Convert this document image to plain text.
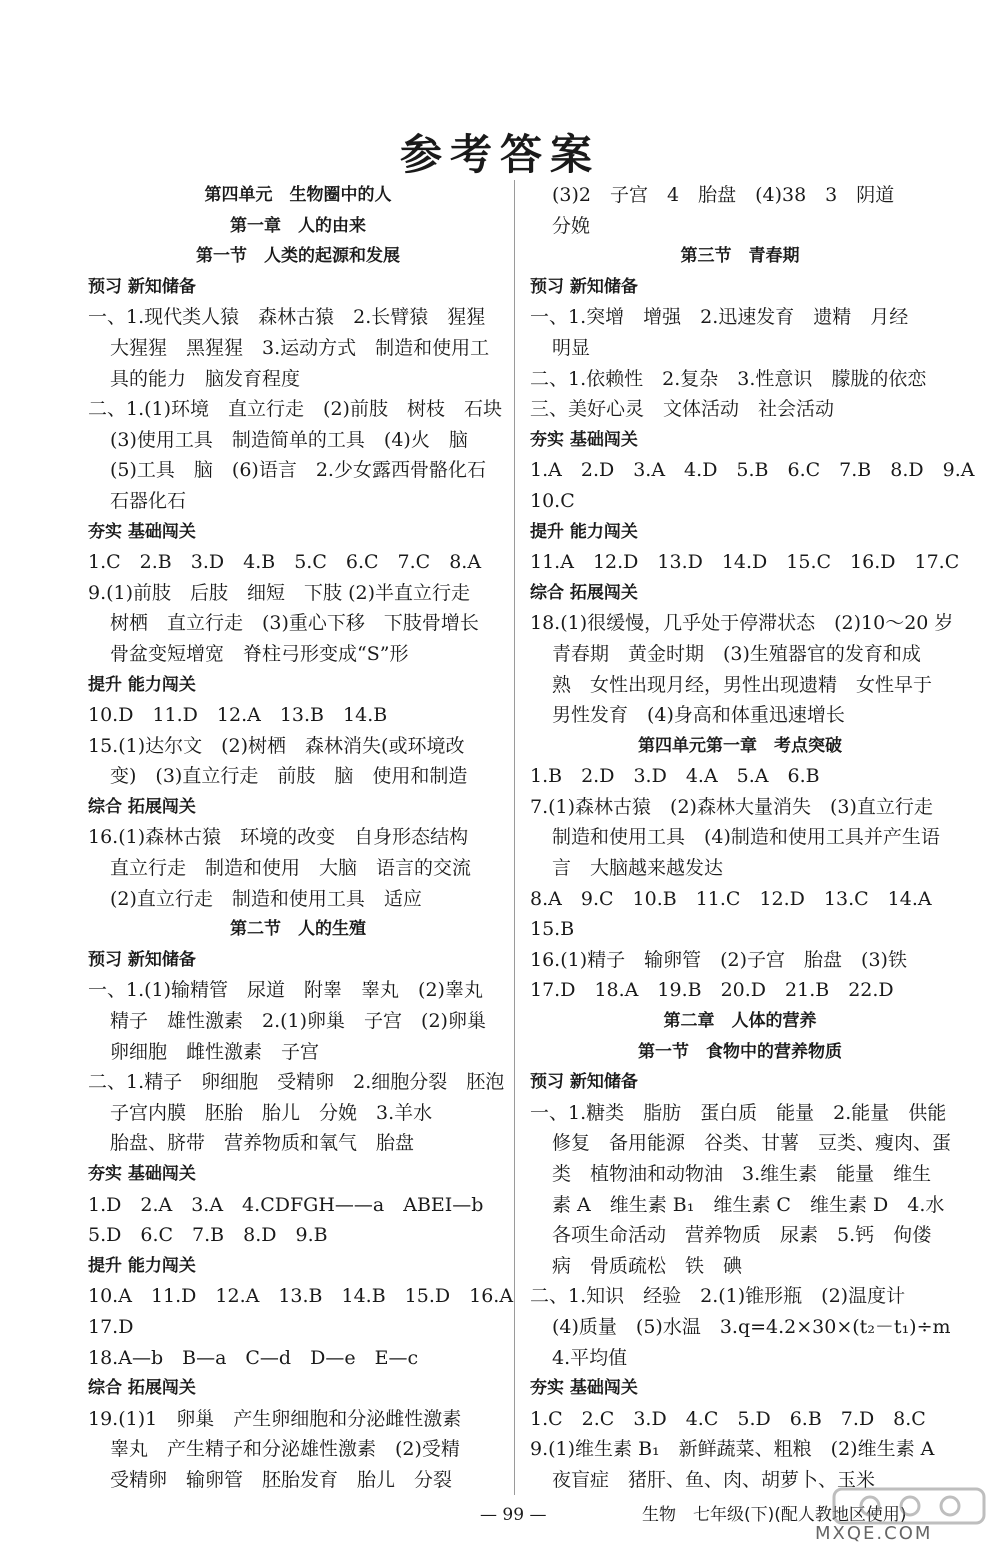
参考答案
第四单元　生物圈中的人
第一章　人的由来
第一节　人类的起源和发展
预习 新知储备
一、1.现代类人猿　森林古猿　2.长臂猿　猩猩
大猩猩　黑猩猩　3.运动方式　制造和使用工
具的能力　脑发育程度
二、1.(1)环境　直立行走　(2)前肢　树枝　石块
(3)使用工具　制造简单的工具　(4)火　脑
(5)工具　脑　(6)语言　2.少女露西骨骼化石
石器化石
夯实 基础闯关
1.C　2.B　3.D　4.B　5.C　6.C　7.C　8.A
9.(1)前肢　后肢　细短　下肢 (2)半直立行走
树栖　直立行走　(3)重心下移　下肢骨增长
骨盆变短增宽　脊柱弓形变成“S”形
提升 能力闯关
10.D　11.D　12.A　13.B　14.B
15.(1)达尔文　(2)树栖　森林消失(或环境改
变)　(3)直立行走　前肢　脑　使用和制造
综合 拓展闯关
16.(1)森林古猿　环境的改变　自身形态结构
直立行走　制造和使用　大脑　语言的交流
(2)直立行走　制造和使用工具　适应
第二节　人的生殖
预习 新知储备
一、1.(1)输精管　尿道　附睾　睾丸　(2)睾丸
精子　雄性激素　2.(1)卵巢　子宫　(2)卵巢
卵细胞　雌性激素　子宫
二、1.精子　卵细胞　受精卵　2.细胞分裂　胚泡
子宫内膜　胚胎　胎儿　分娩　3.羊水
胎盘、脐带　营养物质和氧气　胎盘
夯实 基础闯关
1.D　2.A　3.A　4.CDFGH——a　ABEI—b
5.D　6.C　7.B　8.D　9.B
提升 能力闯关
10.A　11.D　12.A　13.B　14.B　15.D　16.A
17.D
18.A—b　B—a　C—d　D—e　E—c
综合 拓展闯关
19.(1)1　卵巢　产生卵细胞和分泌雌性激素
睾丸　产生精子和分泌雄性激素　(2)受精
受精卵　输卵管　胚胎发育　胎儿　分裂
(3)2　子宫　4　胎盘　(4)38　3　阴道
分娩
第三节　青春期
预习 新知储备
一、1.突增　增强　2.迅速发育　遗精　月经
明显
二、1.依赖性　2.复杂　3.性意识　朦胧的依恋
三、美好心灵　文体活动　社会活动
夯实 基础闯关
1.A　2.D　3.A　4.D　5.B　6.C　7.B　8.D　9.A
10.C
提升 能力闯关
11.A　12.D　13.D　14.D　15.C　16.D　17.C
综合 拓展闯关
18.(1)很缓慢，几乎处于停滞状态　(2)10～20 岁
青春期　黄金时期　(3)生殖器官的发育和成
熟　女性出现月经，男性出现遗精　女性早于
男性发育　(4)身高和体重迅速增长
第四单元第一章　考点突破
1.B　2.D　3.D　4.A　5.A　6.B
7.(1)森林古猿　(2)森林大量消失　(3)直立行走
制造和使用工具　(4)制造和使用工具并产生语
言　大脑越来越发达
8.A　9.C　10.B　11.C　12.D　13.C　14.A
15.B
16.(1)精子　输卵管　(2)子宫　胎盘　(3)铁
17.D　18.A　19.B　20.D　21.B　22.D
第二章　人体的营养
第一节　食物中的营养物质
预习 新知储备
一、1.糖类　脂肪　蛋白质　能量　2.能量　供能
修复　备用能源　谷类、甘薯　豆类、瘦肉、蛋
类　植物油和动物油　3.维生素　能量　维生
素 A　维生素 B₁　维生素 C　维生素 D　4.水
各项生命活动　营养物质　尿素　5.钙　佝偻
病　骨质疏松　铁　碘
二、1.知识　经验　2.(1)锥形瓶　(2)温度计
(4)质量　(5)水温　3.q=4.2×30×(t₂－t₁)÷m
4.平均值
夯实 基础闯关
1.C　2.C　3.D　4.C　5.D　6.B　7.D　8.C
9.(1)维生素 B₁　新鲜蔬菜、粗粮　(2)维生素 A
夜盲症　猪肝、鱼、肉、胡萝卜、玉米
— 99 —	生物　七年级(下)(配人教地区使用)
MXQE.COM
